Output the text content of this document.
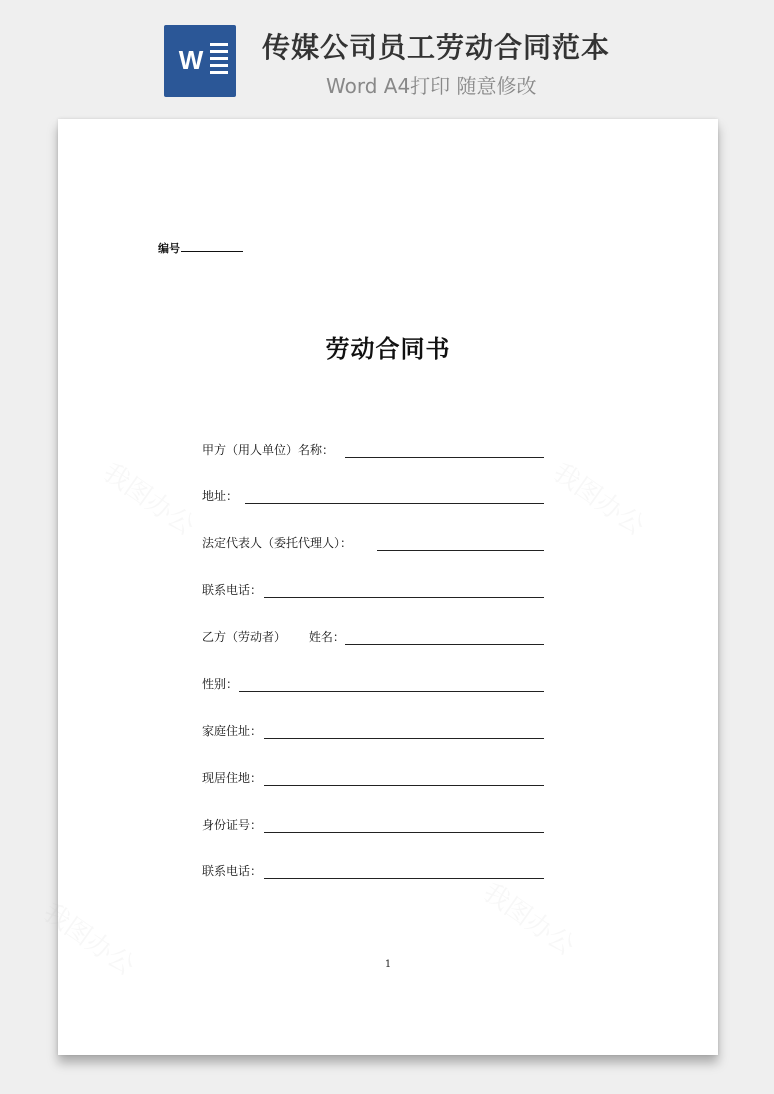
W 传媒公司员工劳动合同范本
Word A4打印 随意修改
我图办公	我图办公
我图办公	我图办公
编号
劳动合同书
甲方（用人单位）名称：
地址：
法定代表人（委托代理人）：
联系电话：
乙方（劳动者）      姓名：
性别：
家庭住址：
现居住地：
身份证号：
联系电话：
1
